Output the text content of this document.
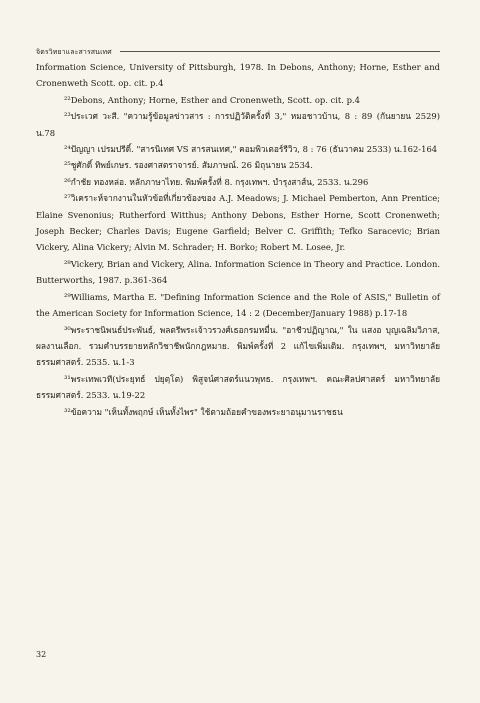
จิตรวิทยาและสารสนเทศ

Information Science, University of Pittsburgh, 1978. In Debons, Anthony; Horne, Esther and Cronenweth Scott. op. cit. p.4

²²Debons, Anthony; Horne, Esther and Cronenweth, Scott. op. cit. p.4

²³ประเวศ วะสี. "ความรู้ข้อมูลข่าวสาร : การปฏิวัติครั้งที่ 3," หมอชาวบ้าน, 8 : 89 (กันยายน 2529) น.78

²⁴ปัญญา เปรมปรีดิ์. "สารนิเทศ VS สารสนเทศ," คอมพิวเตอร์รีวิว, 8 : 76 (ธันวาคม 2533) น.162-164

²⁵ชูศักดิ์ ทิพย์เกษร. รองศาสตราจารย์. สัมภาษณ์. 26 มิถุนายน 2534.

²⁶กำชัย ทองหล่อ. หลักภาษาไทย. พิมพ์ครั้งที่ 8. กรุงเทพฯ. บำรุงสาส์น, 2533. น.296

²⁷วิเคราะห์จากงานในหัวข้อที่เกี่ยวข้องของ A.J. Meadows; J. Michael Pemberton, Ann Prentice; Elaine Svenonius; Rutherford Witthus; Anthony Debons, Esther Horne, Scott Cronenweth; Joseph Becker; Charles Davis; Eugene Garfield; Belver C. Griffith; Tefko Saracevic; Brian Vickery, Alina Vickery; Alvin M. Schrader; H. Borko; Robert M. Losee, Jr.

²⁸Vickery, Brian and Vickery, Alina. Information Science in Theory and Practice. London. Butterworths, 1987. p.361-364

²⁹Williams, Martha E. "Defining Information Science and the Role of ASIS," Bulletin of the American Society for Information Science, 14 : 2 (December/January 1988) p.17-18

³⁰พระราชนิพนธ์ประพันธ์, พลตรีพระเจ้าวรวงศ์เธอกรมหมื่น. "อาชีวปฏิญาณ," ใน แสงอ บุญเฉลิมวิภาส, ผลงานเลือก. รวมคำบรรยายหลักวิชาชีพนักกฎหมาย. พิมพ์ครั้งที่ 2 แก้ไขเพิ่มเติม. กรุงเทพฯ, มหาวิทยาลัยธรรมศาสตร์. 2535. น.1-3

³¹พระเทพเวที(ประยุทธ์ ปยุตฺโต) พิสูจน์ศาสตร์แนวพุทธ. กรุงเทพฯ. คณะศิลปศาสตร์ มหาวิทยาลัยธรรมศาสตร์. 2533. น.19-22

³²ข้อความ "เห็นทั้งพฤกษ์ เห็นทั้งไพร" ใช้ตามถ้อยคำของพระยาอนุมานราชธน

32
